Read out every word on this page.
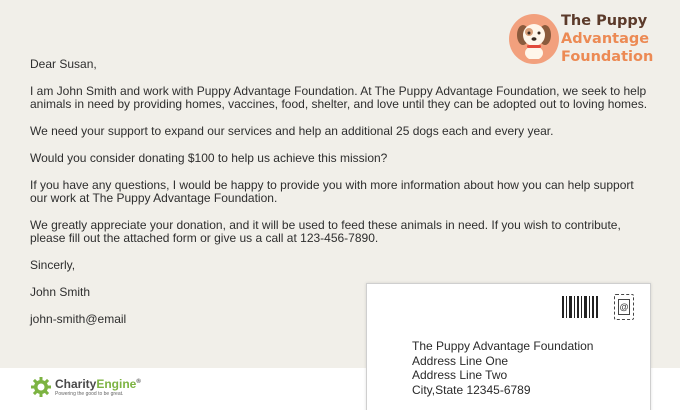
The Puppy
Advantage
Foundation

Dear Susan,

I am John Smith and work with Puppy Advantage Foundation. At The Puppy Advantage Foundation, we seek to help animals in need by providing homes, vaccines, food, shelter, and love until they can be adopted out to loving homes.

We need your support to expand our services and help an additional 25 dogs each and every year.

Would you consider donating $100 to help us achieve this mission?

If you have any questions, I would be happy to provide you with more information about how you can help support our work at The Puppy Advantage Foundation.

We greatly appreciate your donation, and it will be used to feed these animals in need. If you wish to contribute, please fill out the attached form or give us a call at 123-456-7890.

Sincerly,

John Smith

john-smith@email

CharityEngine®
Powering the good to be great.
@
The Puppy Advantage Foundation
Address Line One
Address Line Two
City,State 12345-6789
